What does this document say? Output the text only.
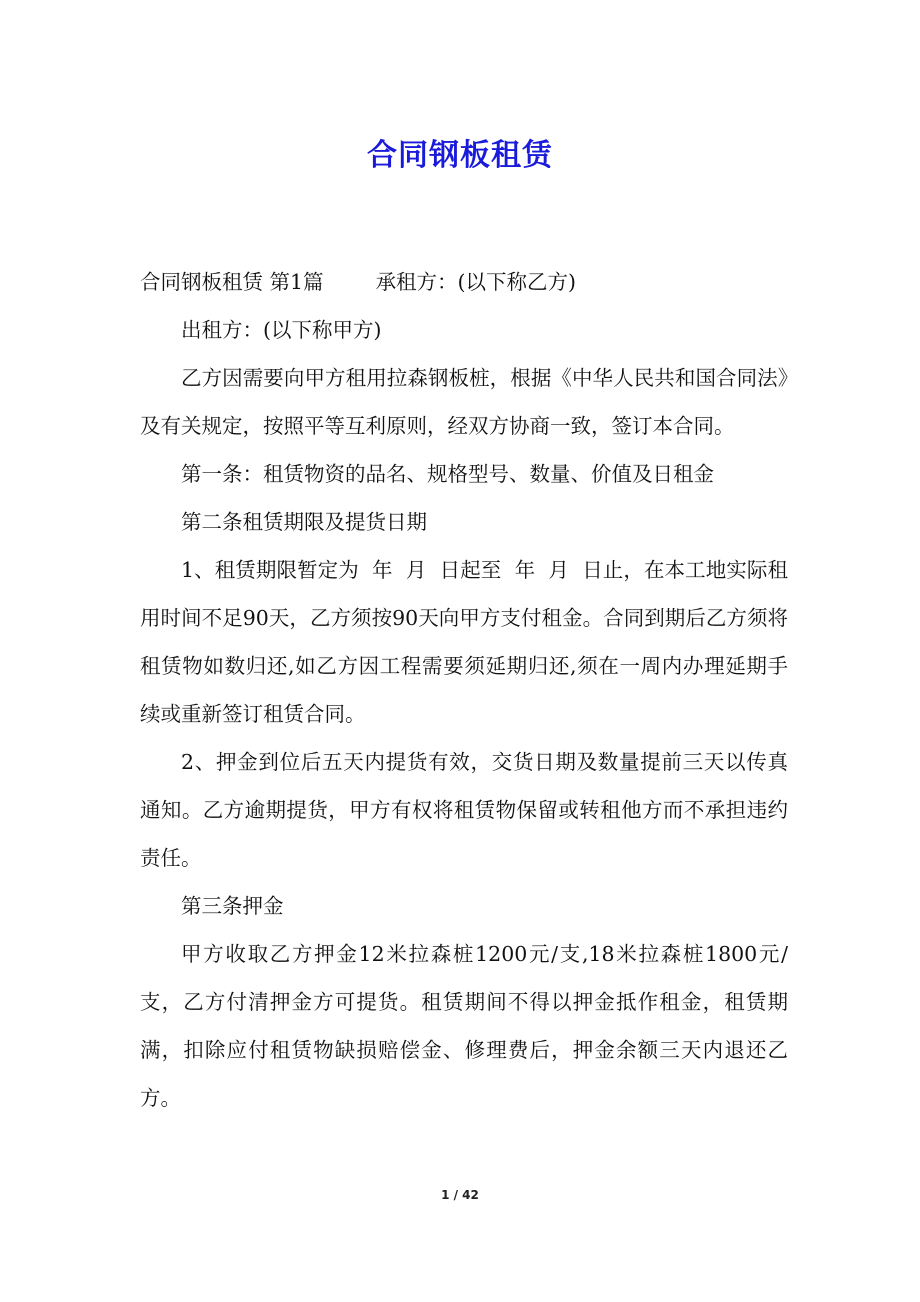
合同钢板租赁

合同钢板租赁 第1篇	承租方：(以下称乙方)

出租方：(以下称甲方)

乙方因需要向甲方租用拉森钢板桩，根据《中华人民共和国合同法》及有关规定，按照平等互利原则，经双方协商一致，签订本合同。

第一条：租赁物资的品名、规格型号、数量、价值及日租金

第二条租赁期限及提货日期

1、租赁期限暂定为  年  月  日起至  年  月  日止，在本工地实际租用时间不足90天，乙方须按90天向甲方支付租金。合同到期后乙方须将租赁物如数归还,如乙方因工程需要须延期归还,须在一周内办理延期手续或重新签订租赁合同。

2、押金到位后五天内提货有效，交货日期及数量提前三天以传真通知。乙方逾期提货，甲方有权将租赁物保留或转租他方而不承担违约责任。

第三条押金

甲方收取乙方押金12米拉森桩1200元/支,18米拉森桩1800元/支，乙方付清押金方可提货。租赁期间不得以押金抵作租金，租赁期满，扣除应付租赁物缺损赔偿金、修理费后，押金余额三天内退还乙方。

1 / 42
